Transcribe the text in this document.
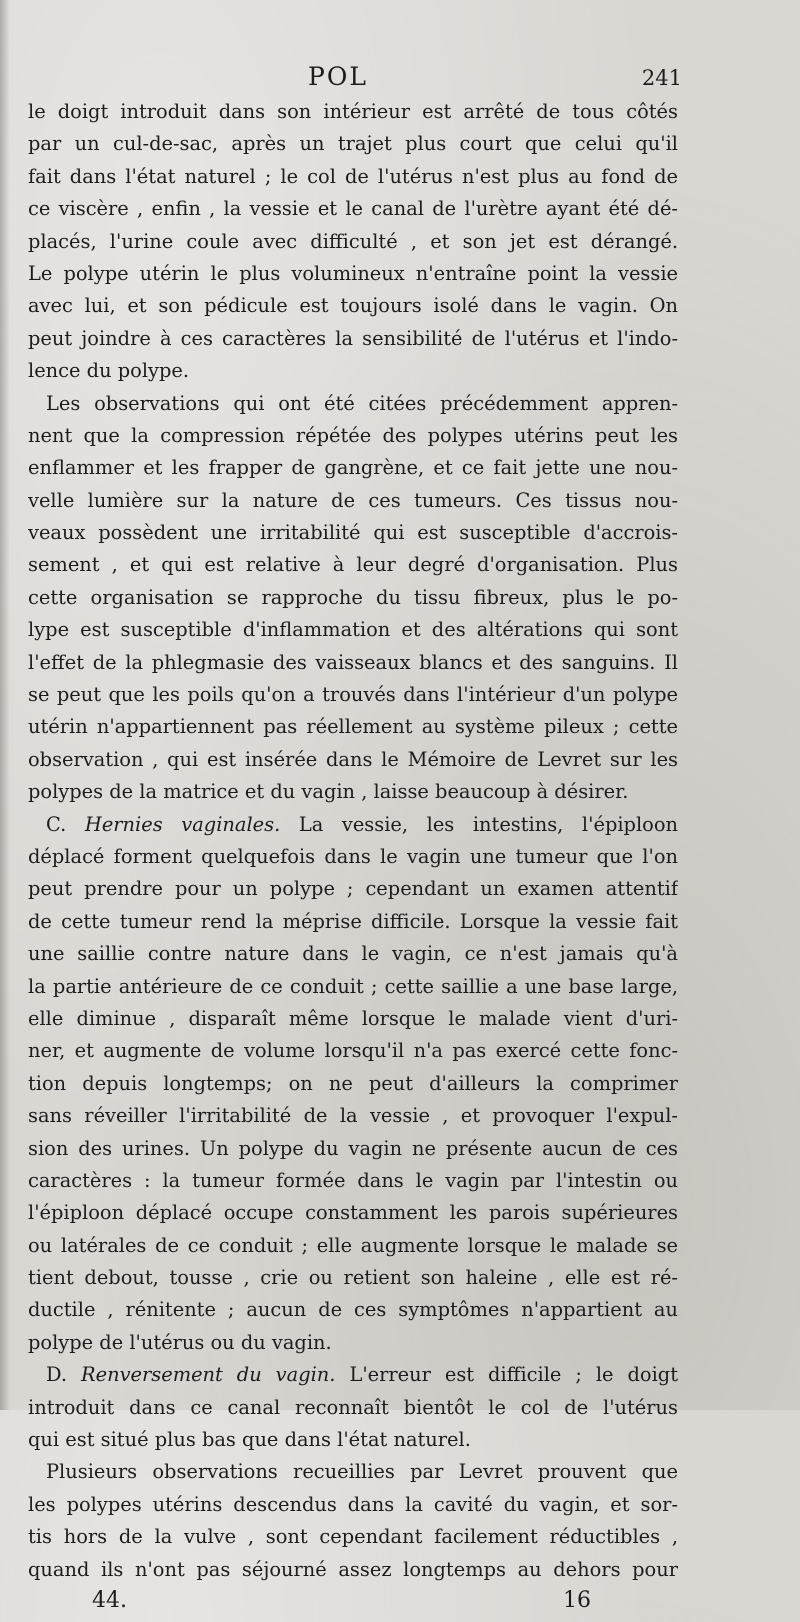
POL	241
le doigt introduit dans son intérieur est arrêté de tous côtés
par un cul-de-sac, après un trajet plus court que celui qu'il
fait dans l'état naturel ; le col de l'utérus n'est plus au fond de
ce viscère , enfin , la vessie et le canal de l'urètre ayant été dé-
placés, l'urine coule avec difficulté , et son jet est dérangé.
Le polype utérin le plus volumineux n'entraîne point la vessie
avec lui, et son pédicule est toujours isolé dans le vagin. On
peut joindre à ces caractères la sensibilité de l'utérus et l'indo-
lence du polype.
Les observations qui ont été citées précédemment appren-
nent que la compression répétée des polypes utérins peut les
enflammer et les frapper de gangrène, et ce fait jette une nou-
velle lumière sur la nature de ces tumeurs. Ces tissus nou-
veaux possèdent une irritabilité qui est susceptible d'accrois-
sement , et qui est relative à leur degré d'organisation. Plus
cette organisation se rapproche du tissu fibreux, plus le po-
lype est susceptible d'inflammation et des altérations qui sont
l'effet de la phlegmasie des vaisseaux blancs et des sanguins. Il
se peut que les poils qu'on a trouvés dans l'intérieur d'un polype
utérin n'appartiennent pas réellement au système pileux ; cette
observation , qui est insérée dans le Mémoire de Levret sur les
polypes de la matrice et du vagin , laisse beaucoup à désirer.
C. Hernies vaginales. La vessie, les intestins, l'épiploon
déplacé forment quelquefois dans le vagin une tumeur que l'on
peut prendre pour un polype ; cependant un examen attentif
de cette tumeur rend la méprise difficile. Lorsque la vessie fait
une saillie contre nature dans le vagin, ce n'est jamais qu'à
la partie antérieure de ce conduit ; cette saillie a une base large,
elle diminue , disparaît même lorsque le malade vient d'uri-
ner, et augmente de volume lorsqu'il n'a pas exercé cette fonc-
tion depuis longtemps; on ne peut d'ailleurs la comprimer
sans réveiller l'irritabilité de la vessie , et provoquer l'expul-
sion des urines. Un polype du vagin ne présente aucun de ces
caractères : la tumeur formée dans le vagin par l'intestin ou
l'épiploon déplacé occupe constamment les parois supérieures
ou latérales de ce conduit ; elle augmente lorsque le malade se
tient debout, tousse , crie ou retient son haleine , elle est ré-
ductile , rénitente ; aucun de ces symptômes n'appartient au
polype de l'utérus ou du vagin.
D. Renversement du vagin. L'erreur est difficile ; le doigt
introduit dans ce canal reconnaît bientôt le col de l'utérus
qui est situé plus bas que dans l'état naturel.
Plusieurs observations recueillies par Levret prouvent que
les polypes utérins descendus dans la cavité du vagin, et sor-
tis hors de la vulve , sont cependant facilement réductibles ,
quand ils n'ont pas séjourné assez longtemps au dehors pour
44.	16
